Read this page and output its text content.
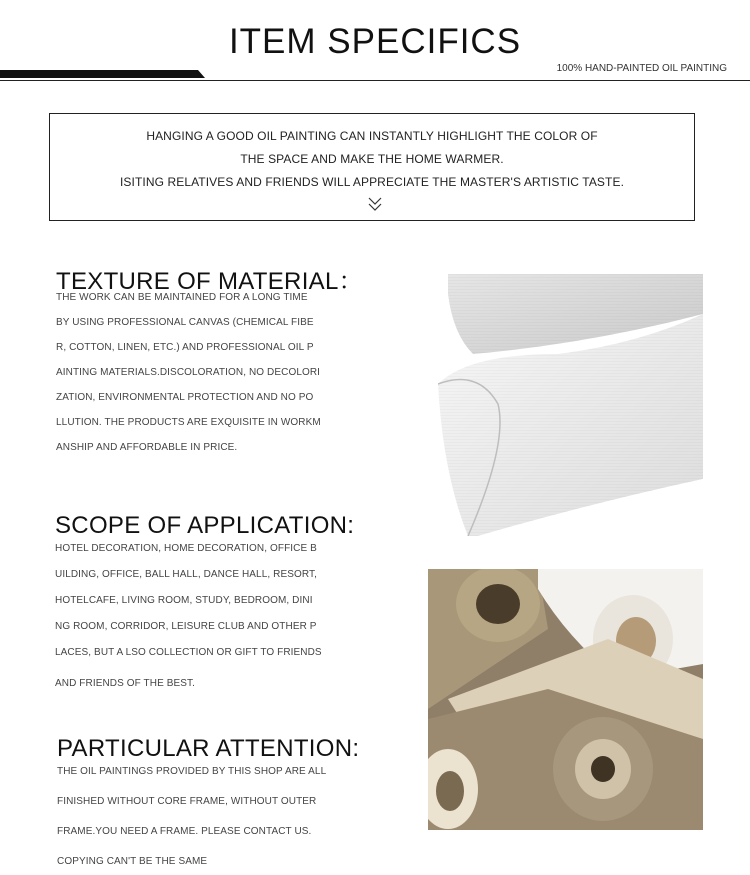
ITEM SPECIFICS
100% HAND-PAINTED OIL PAINTING
HANGING A GOOD OIL PAINTING CAN INSTANTLY HIGHLIGHT THE COLOR OF
THE SPACE AND MAKE THE HOME WARMER.
ISITING RELATIVES AND FRIENDS WILL APPRECIATE THE MASTER'S ARTISTIC TASTE.
TEXTURE OF MATERIAL：
THE WORK CAN BE MAINTAINED FOR A LONG TIME
BY USING PROFESSIONAL CANVAS (CHEMICAL FIBE
R, COTTON, LINEN, ETC.) AND PROFESSIONAL OIL P
AINTING MATERIALS.DISCOLORATION, NO DECOLORI
ZATION, ENVIRONMENTAL PROTECTION AND NO PO
LLUTION. THE PRODUCTS ARE EXQUISITE IN WORKM
ANSHIP AND AFFORDABLE IN PRICE.
SCOPE OF APPLICATION:
HOTEL DECORATION, HOME DECORATION, OFFICE B
UILDING, OFFICE, BALL HALL, DANCE HALL, RESORT,
HOTELCAFE, LIVING ROOM, STUDY, BEDROOM, DINI
NG ROOM, CORRIDOR, LEISURE CLUB AND OTHER P
LACES, BUT A LSO COLLECTION OR GIFT TO FRIENDS
AND FRIENDS OF THE BEST.
PARTICULAR ATTENTION:
THE OIL PAINTINGS PROVIDED BY THIS SHOP ARE ALL
FINISHED WITHOUT CORE FRAME, WITHOUT OUTER
FRAME.YOU NEED A FRAME. PLEASE CONTACT US.
COPYING CAN'T BE THE SAME
